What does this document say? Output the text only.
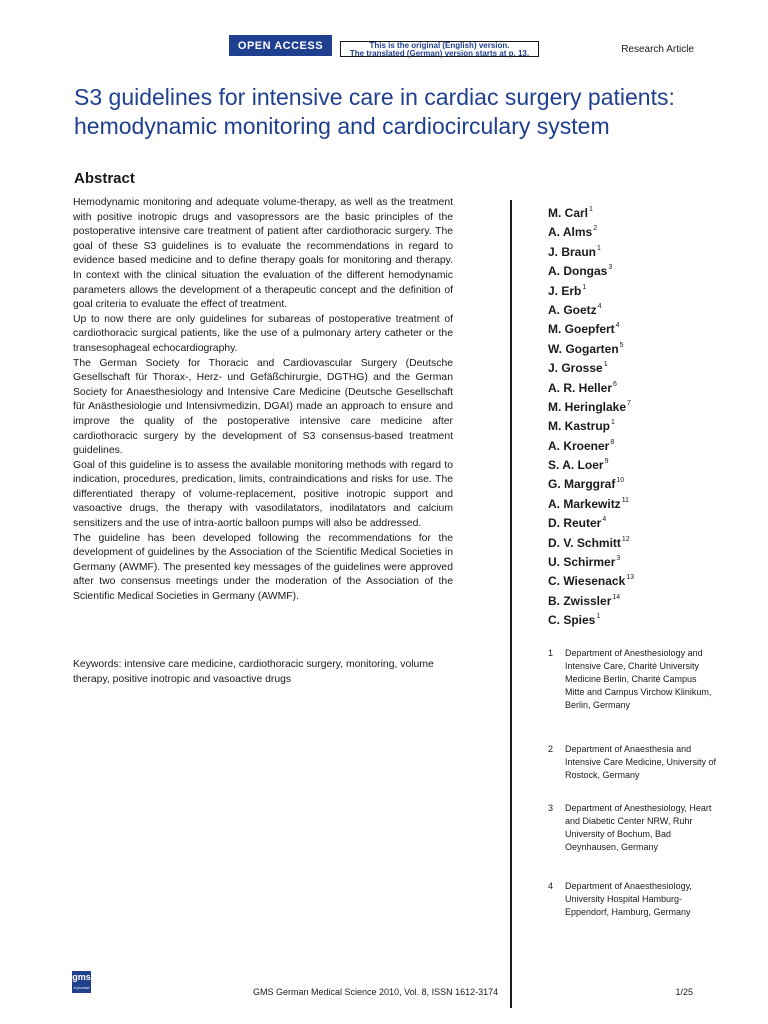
OPEN ACCESS	This is the original (English) version.
The translated (German) version starts at p. 13.	Research Article
S3 guidelines for intensive care in cardiac surgery patients:
hemodynamic monitoring and cardiocirculary system
Abstract

Hemodynamic monitoring and adequate volume-therapy, as well as the treatment with positive inotropic drugs and vasopressors are the basic principles of the postoperative intensive care treatment of patient after cardiothoracic surgery. The goal of these S3 guidelines is to evaluate the recommendations in regard to evidence based medicine and to define therapy goals for monitoring and therapy. In context with the clinical situation the evaluation of the different hemodynamic parameters allows the development of a therapeutic concept and the definition of goal criteria to evaluate the effect of treatment.

Up to now there are only guidelines for subareas of postoperative treatment of cardiothoracic surgical patients, like the use of a pulmonary artery catheter or the transesophageal echocardiography.

The German Society for Thoracic and Cardiovascular Surgery (Deutsche Gesellschaft für Thorax-, Herz- und Gefäßchirurgie, DGTHG) and the German Society for Anaesthesiology and Intensive Care Medicine (Deutsche Gesellschaft für Anästhesiologie und Intensivmedizin, DGAI) made an approach to ensure and improve the quality of the postoperative intensive care medicine after cardiothoracic surgery by the development of S3 consensus-based treatment guidelines.

Goal of this guideline is to assess the available monitoring methods with regard to indication, procedures, predication, limits, contraindications and risks for use. The differentiated therapy of volume-replacement, positive inotropic support and vasoactive drugs, the therapy with vasodilatators, inodilatators and calcium sensitizers and the use of intra-aortic balloon pumps will also be addressed.

The guideline has been developed following the recommendations for the development of guidelines by the Association of the Scientific Medical Societies in Germany (AWMF). The presented key messages of the guidelines were approved after two consensus meetings under the moderation of the Association of the Scientific Medical Societies in Germany (AWMF).

Keywords: intensive care medicine, cardiothoracic surgery, monitoring, volume therapy, positive inotropic and vasoactive drugs
M. Carl$^1$
A. Alms$^2$
J. Braun$^1$
A. Dongas$^3$
J. Erb$^1$
A. Goetz$^4$
M. Goepfert$^4$
W. Gogarten$^5$
J. Grosse$^1$
A. R. Heller$^6$
M. Heringlake$^7$
M. Kastrup$^1$
A. Kroener$^8$
S. A. Loer$^9$
G. Marggraf$^{10}$
A. Markewitz$^{11}$
D. Reuter$^4$
D. V. Schmitt$^{12}$
U. Schirmer$^3$
C. Wiesenack$^{13}$
B. Zwissler$^{14}$
C. Spies$^1$
1	Department of Anesthesiology and Intensive Care, Charité University Medicine Berlin, Charité Campus Mitte and Campus Virchow Klinikum, Berlin, Germany
2	Department of Anaesthesia and Intensive Care Medicine, University of Rostock, Germany
3	Department of Anesthesiology, Heart and Diabetic Center NRW, Ruhr University of Bochum, Bad Oeynhausen, Germany
4	Department of Anaesthesiology, University Hospital Hamburg-Eppendorf, Hamburg, Germany
gms
e-journal	GMS German Medical Science 2010, Vol. 8, ISSN 1612-3174	1/25
